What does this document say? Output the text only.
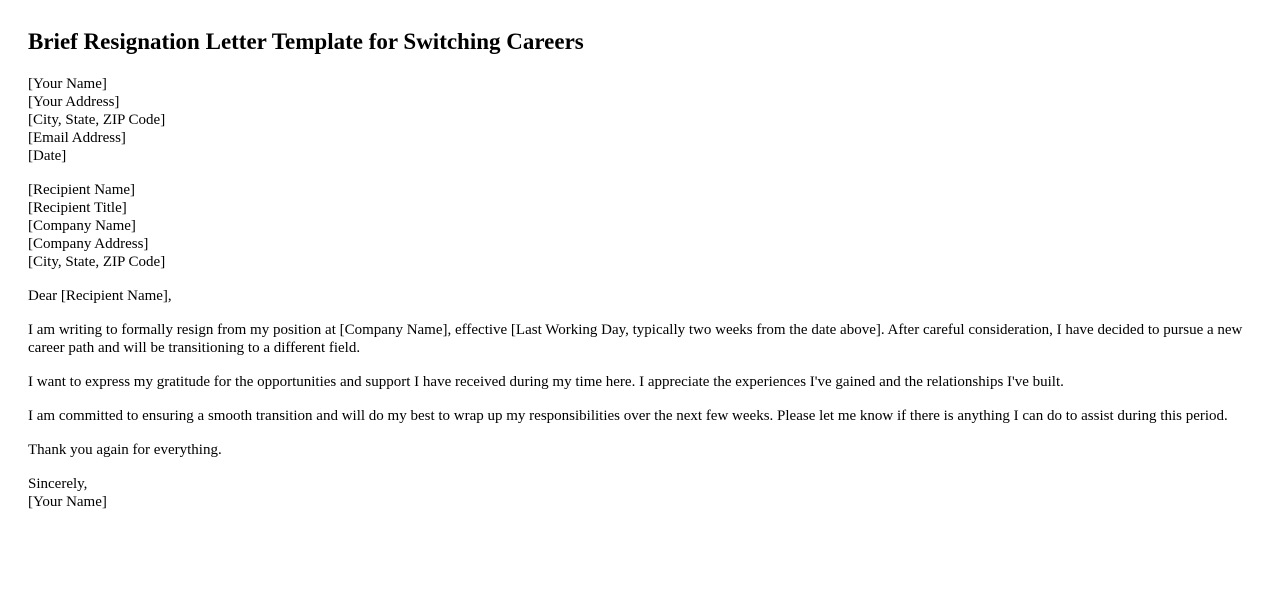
Brief Resignation Letter Template for Switching Careers
[Your Name]
[Your Address]
[City, State, ZIP Code]
[Email Address]
[Date]
[Recipient Name]
[Recipient Title]
[Company Name]
[Company Address]
[City, State, ZIP Code]

Dear [Recipient Name],

I am writing to formally resign from my position at [Company Name], effective [Last Working Day, typically two weeks from the date above]. After careful consideration, I have decided to pursue a new career path and will be transitioning to a different field.

I want to express my gratitude for the opportunities and support I have received during my time here. I appreciate the experiences I've gained and the relationships I've built.

I am committed to ensuring a smooth transition and will do my best to wrap up my responsibilities over the next few weeks. Please let me know if there is anything I can do to assist during this period.

Thank you again for everything.

Sincerely,
[Your Name]
